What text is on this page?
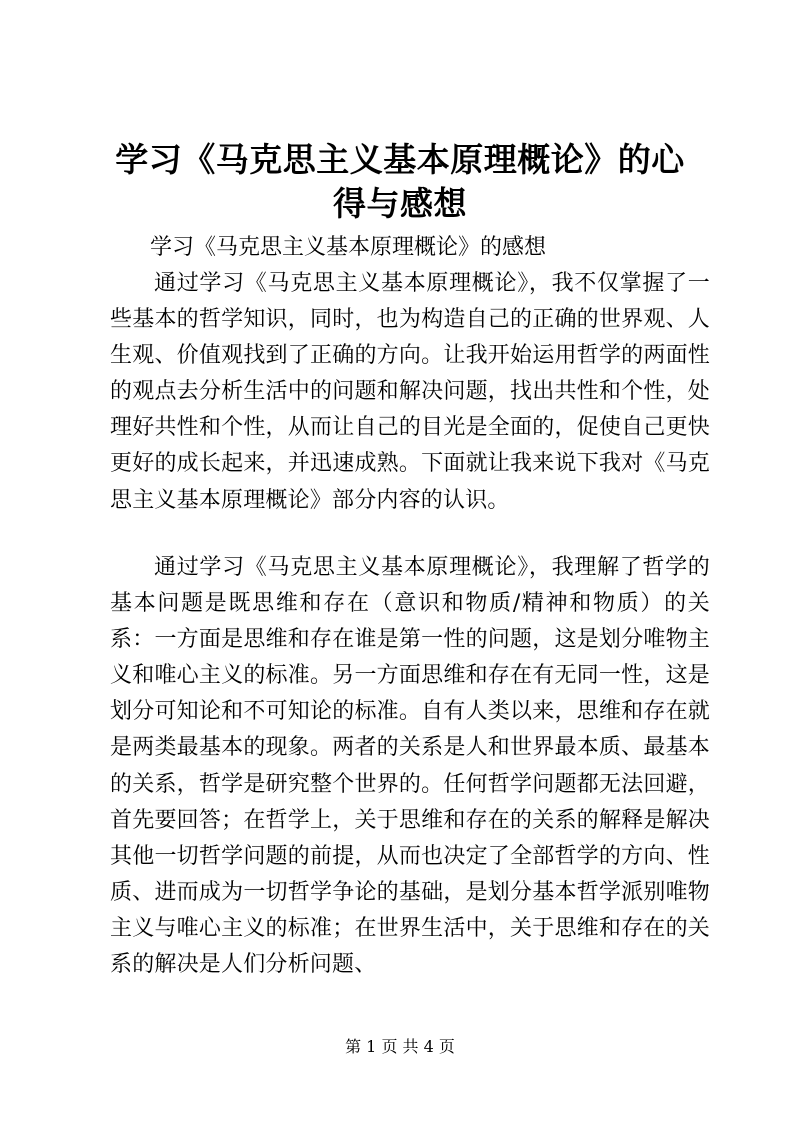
学习《马克思主义基本原理概论》的心得与感想
学习《马克思主义基本原理概论》的感想
通过学习《马克思主义基本原理概论》，我不仅掌握了一些基本的哲学知识，同时，也为构造自己的正确的世界观、人生观、价值观找到了正确的方向。让我开始运用哲学的两面性的观点去分析生活中的问题和解决问题，找出共性和个性，处理好共性和个性，从而让自己的目光是全面的，促使自己更快更好的成长起来，并迅速成熟。下面就让我来说下我对《马克思主义基本原理概论》部分内容的认识。
通过学习《马克思主义基本原理概论》，我理解了哲学的基本问题是既思维和存在（意识和物质/精神和物质）的关系：一方面是思维和存在谁是第一性的问题，这是划分唯物主义和唯心主义的标准。另一方面思维和存在有无同一性，这是划分可知论和不可知论的标准。自有人类以来，思维和存在就是两类最基本的现象。两者的关系是人和世界最本质、最基本的关系，哲学是研究整个世界的。任何哲学问题都无法回避，首先要回答；在哲学上，关于思维和存在的关系的解释是解决其他一切哲学问题的前提，从而也决定了全部哲学的方向、性质、进而成为一切哲学争论的基础，是划分基本哲学派别唯物主义与唯心主义的标准；在世界生活中，关于思维和存在的关系的解决是人们分析问题、
第 1 页 共 4 页
